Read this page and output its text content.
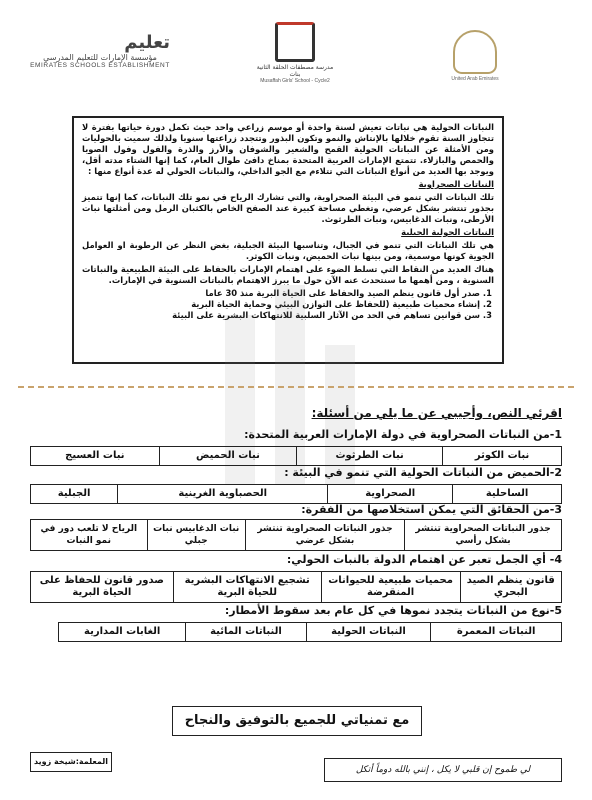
United Arab Emirates
مدرسة مصطفات الحلقة الثانية بنات
Musaffah Girls' School - Cycle2
تعليم
مؤسسة الإمارات للتعليم المدرسي
EMIRATES SCHOOLS ESTABLISHMENT

النباتات الحولية هي نباتات تعيش لسنة واحدة أو موسم زراعي واحد حيث تكمل دورة حياتها بفترة لا تتجاوز السنة تقوم خلالها بالإنتاش والنمو وتكون البذور وتتجدد زراعتها سنويا ولذلك سميت بالحوليات ومن الأمثلة عن النباتات الحولية القمح والشعير والشوفان والأرز والذرة والفول وفول الصويا والحمص والبازلاء. تتمتع الإمارات العربية المتحدة بمناخ دافئ طوال العام، كما إنها الشتاء مدته أقل، ويوجد بها العديد من أنواع النباتات التي تتلاءم مع الجو الداخلي، والنباتات الحولي له عدة أنواع منها :

النباتات الصحراوية

تلك النباتات التي تنمو في البيئة الصحراوية، والتي تشارك الرياح في نمو تلك النباتات، كما إنها تتميز بجذور تنتشر بشكل عرضي، وتغطي مساحة كبيرة عند الصفح الخاص بالكثبان الرمل ومن أمثلتها نبات الأرطى، ونبات الدغابيس، ونبات الطرثوث.

النباتات الحولية الجبلية

هي تلك النباتات التي تنمو في الجبال، وتناسبها البيئة الجبلية، بغض النظر عن الرطوبة او العوامل الجوية كونها موسمية، ومن بينها نبات الحميض، ونبات الكوثر.

هناك العديد من النقاط التي تسلط الضوء على اهتمام الإمارات بالحفاظ على البيئة الطبيعية والنباتات السنوية ، ومن أهمها ما سنتحدث عنه الآن حول ما يبرز الاهتمام بالنباتات السنوية في الإمارات.

1. صدر أول قانون ينظم الصيد والحفاظ على الحياة البرية منذ 30 عاما
2. إنشاء محميات طبيعية (للحفاظ على التوازن البيئي وحماية الحياة البرية
3. سن قوانين تساهم في الحد من الآثار السلبية للانتهاكات البشرية على البيئة
اقرئي النص، وأجيبي عن ما يلي من أسئلة:
1-من النباتات الصحراوية في دولة الإمارات العربية المتحدة:
نبات الكوثر	نبات الطرثوث	نبات الحميض	نبات العسيج
2-الحميض من النباتات الحولية التي تنمو في البيئة :
الساحلية	الصحراوية	الحصباوية الغرينية	الجبلية
3-من الحقائق التي يمكن استخلاصها من الفقرة:
جذور النباتات الصحراوية تنتشر بشكل رأسي	جذور النباتات الصحراوية تنتشر بشكل عرضي	نبات الدغابيس نبات جبلي	الرياح لا تلعب دور في نمو النبات
4- أي الجمل تعبر عن اهتمام الدولة بالنبات الحولي:
قانون ينظم الصيد البحري	محميات طبيعية للحيوانات المنقرضة	تشجيع الانتهاكات البشرية للحياة البرية	صدور قانون للحفاظ على الحياة البرية
5-نوع من النباتات يتجدد نموها في كل عام بعد سقوط الأمطار:
النباتات المعمرة	النباتات الحولية	النباتات المائية	الغابات المدارية
مع تمنياتي للجميع بالتوفيق والنجاح
لي طموح إن قلبي لا يكل ، إنني بالله دوماً أتكل
المعلمة:شيخة زويد
